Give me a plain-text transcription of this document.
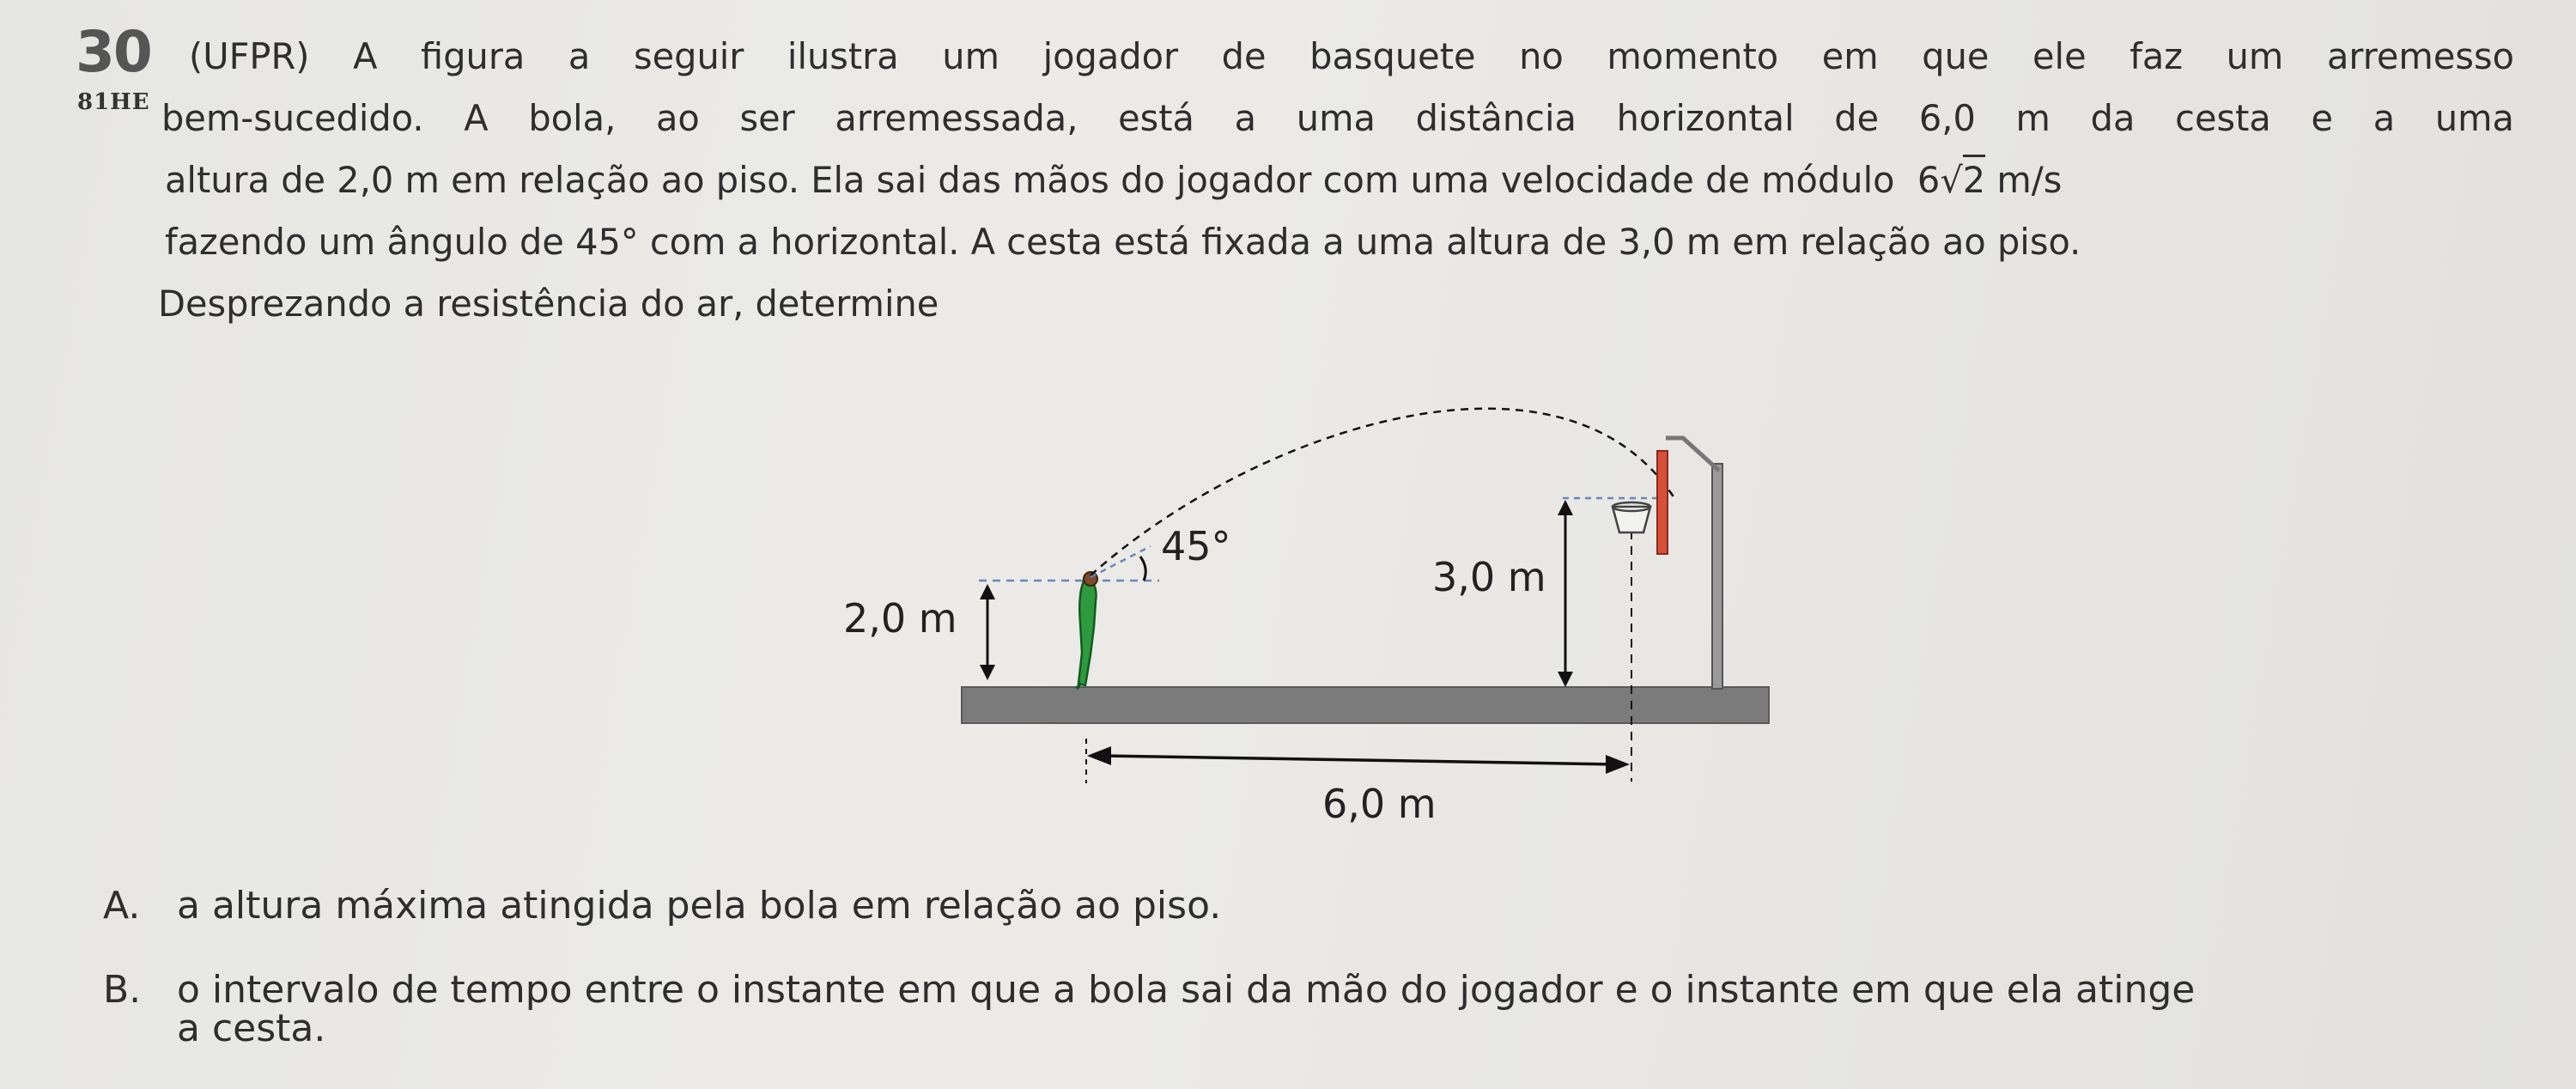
30
81HE
(UFPR) A figura a seguir ilustra um jogador de basquete no momento em que ele faz um arremesso
bem-sucedido. A bola, ao ser arremessada, está a uma distância horizontal de 6,0 m da cesta e a uma
altura de 2,0 m em relação ao piso. Ela sai das mãos do jogador com uma velocidade de módulo 6√2 m/s
fazendo um ângulo de 45° com a horizontal. A cesta está fixada a uma altura de 3,0 m em relação ao piso.
Desprezando a resistência do ar, determine
2,0 m
45°
3,0 m
6,0 m
A. a altura máxima atingida pela bola em relação ao piso.
B. o intervalo de tempo entre o instante em que a bola sai da mão do jogador e o instante em que ela atinge
a cesta.
